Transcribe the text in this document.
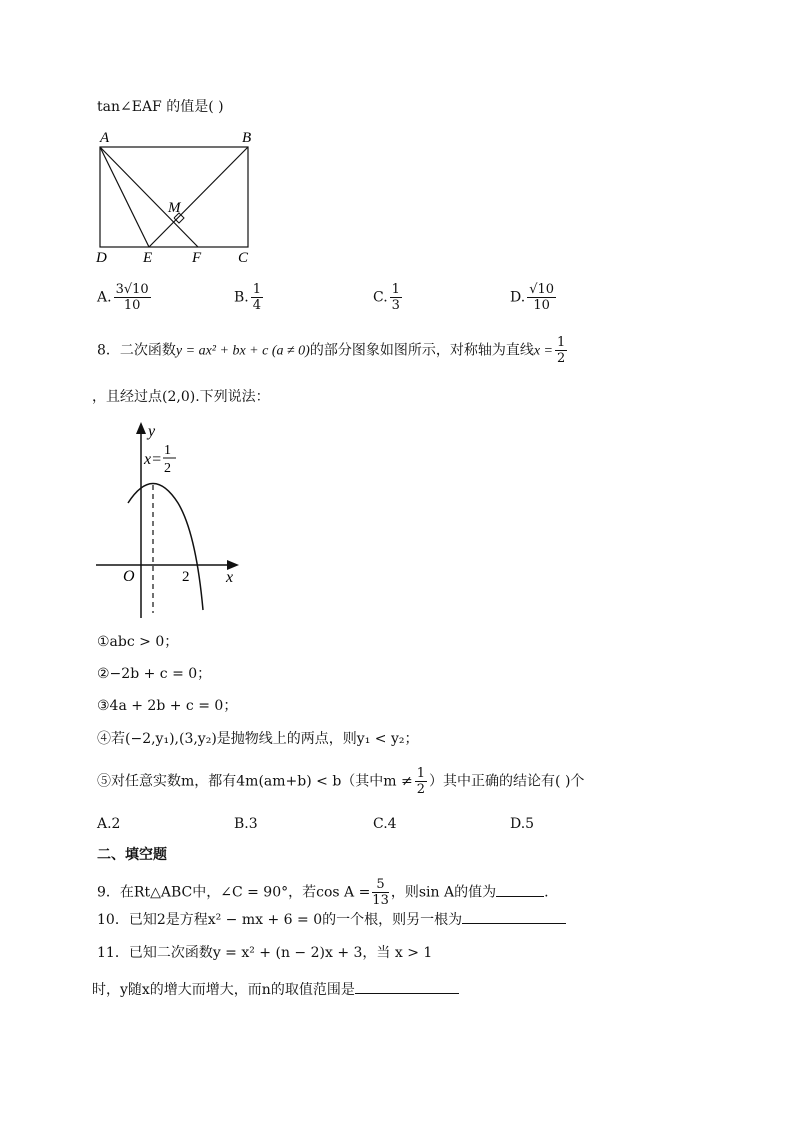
tan∠EAF 的值是( )
A	B
M
D E	F C
A. $\frac{3√10}{10}$	B. $\frac{1}{4}$	C. $\frac{1}{3}$	D. $\frac{√10}{10}$
8．二次函数y = ax² + bx + c (a ≠ 0)的部分图象如图所示，对称轴为直线$x = \frac{1}{2}$
，且经过点(2,0).下列说法：
y
x=
1
2
O	2 x
①abc > 0；
②−2b + c = 0；
③4a + 2b + c = 0；
④若(−2,y₁),(3,y₂)是抛物线上的两点，则y₁ < y₂；
⑤对任意实数m，都有4m(am+b) < b（其中$m \ne \frac{1}{2}$ ）其中正确的结论有( )个
A.2	B.3	C.4	D.5
二、填空题
9．在Rt△ABC中，∠C = 90°，若$\cos A = \frac{5}{13}$ ，则sin A的值为	.
10．已知2是方程x² − mx + 6 = 0的一个根，则另一根为
11．已知二次函数y = x² + (n − 2)x + 3，当 x > 1
时，y随x的增大而增大，而n的取值范围是
